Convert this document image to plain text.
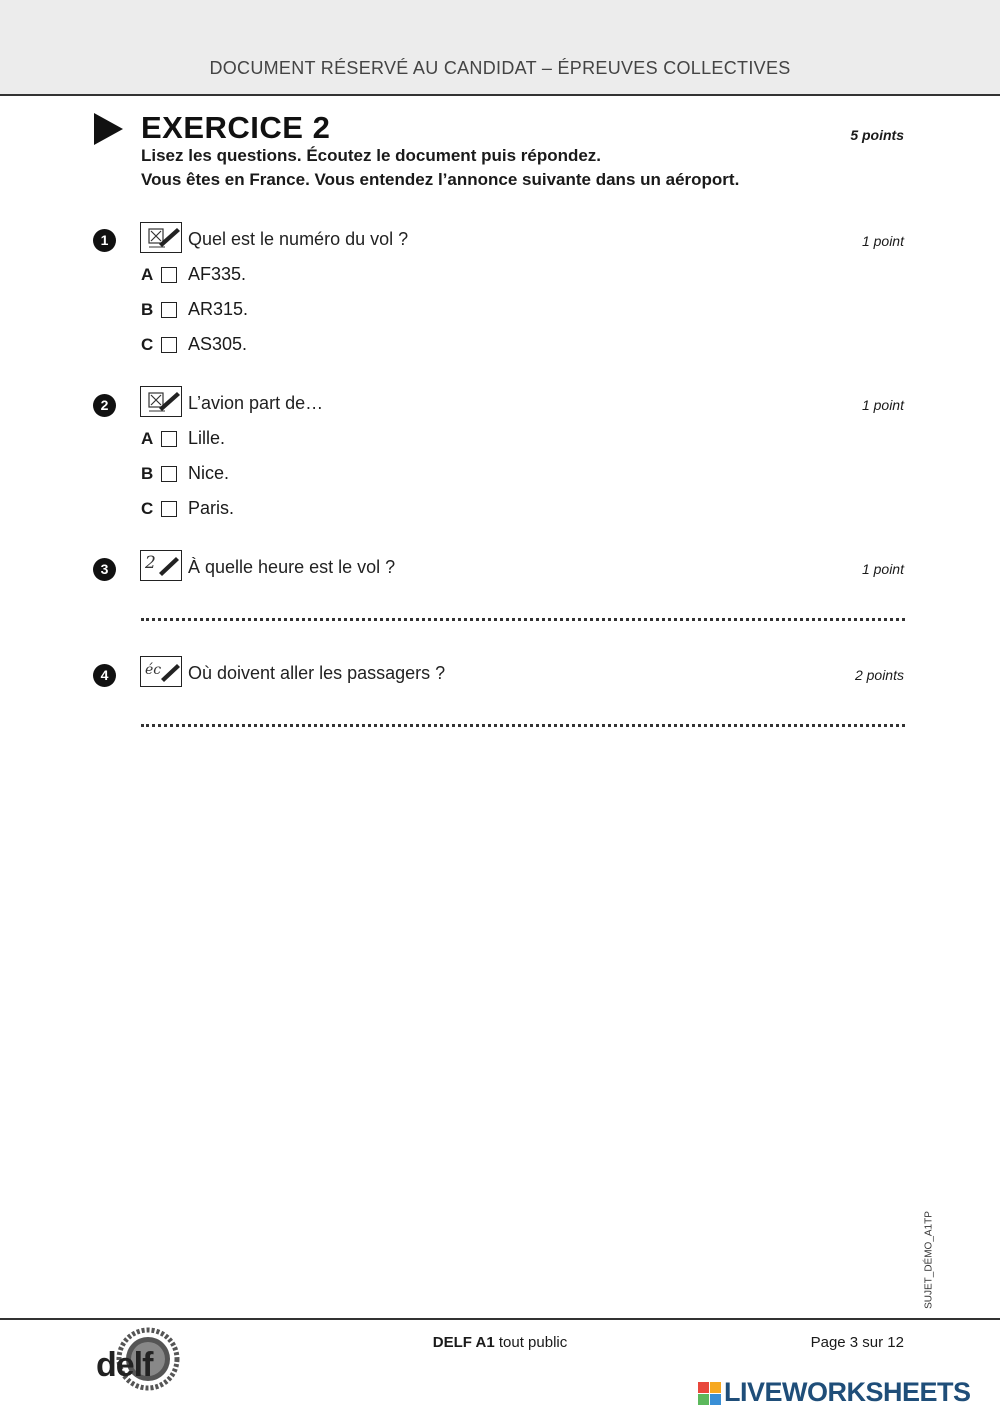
DOCUMENT RÉSERVÉ AU CANDIDAT – ÉPREUVES COLLECTIVES
EXERCICE 2	5 points
Lisez les questions. Écoutez le document puis répondez.
Vous êtes en France. Vous entendez l’annonce suivante dans un aéroport.
1	Quel est le numéro du vol ?	1 point
A AF335.
B AR315.
C AS305.
2	L’avion part de…	1 point
A Lille.
B Nice.
C Paris.
3	2 À quelle heure est le vol ?	1 point
4	éc Où doivent aller les passagers ?	2 points
SUJET_DÉMO_A1TP
delf
DELF A1 tout public	Page 3 sur 12
LIVEWORKSHEETS
